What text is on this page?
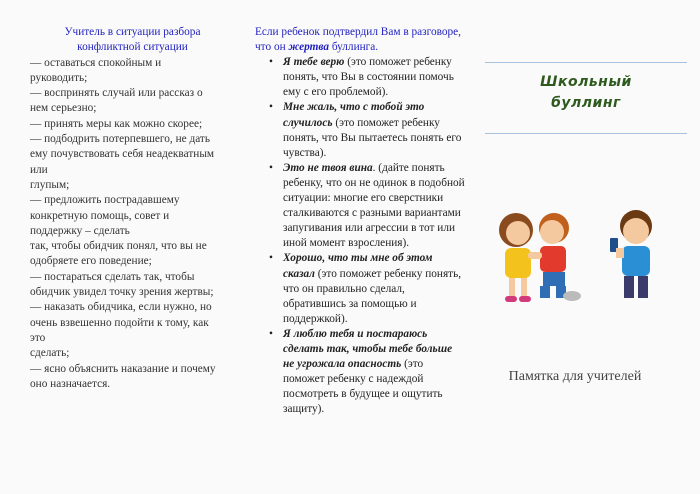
Учитель в ситуации разбора
конфликтной ситуации
— оставаться спокойным и
руководить;
— воспринять случай или рассказ о
нем серьезно;
— принять меры как можно скорее;
— подбодрить потерпевшего, не дать
ему почувствовать себя неадекватным
или
глупым;
— предложить пострадавшему
конкретную помощь, совет и
поддержку – сделать
так, чтобы обидчик понял, что вы не
одобряете его поведение;
— постараться сделать так, чтобы
обидчик увидел точку зрения жертвы;
— наказать обидчика, если нужно, но
очень взвешенно подойти к тому, как
это
сделать;
— ясно объяснить наказание и почему
оно назначается.
Если ребенок подтвердил Вам в разговоре, что он жертва буллинга.
• Я тебе верю (это поможет ребенку понять, что Вы в состоянии помочь ему с его проблемой).
• Мне жаль, что с тобой это случилось (это поможет ребенку понять, что Вы пытаетесь понять его чувства).
• Это не твоя вина. (дайте понять ребенку, что он не одинок в подобной ситуации: многие его сверстники сталкиваются с разными вариантами запугивания или агрессии в тот или иной момент взросления).
• Хорошо, что ты мне об этом сказал (это поможет ребенку понять, что он правильно сделал, обратившись за помощью и поддержкой).
• Я люблю тебя и постараюсь сделать так, чтобы тебе больше не угрожала опасность (это поможет ребенку с надеждой посмотреть в будущее и ощутить защиту).
Школьный
буллинг
Памятка для учителей
